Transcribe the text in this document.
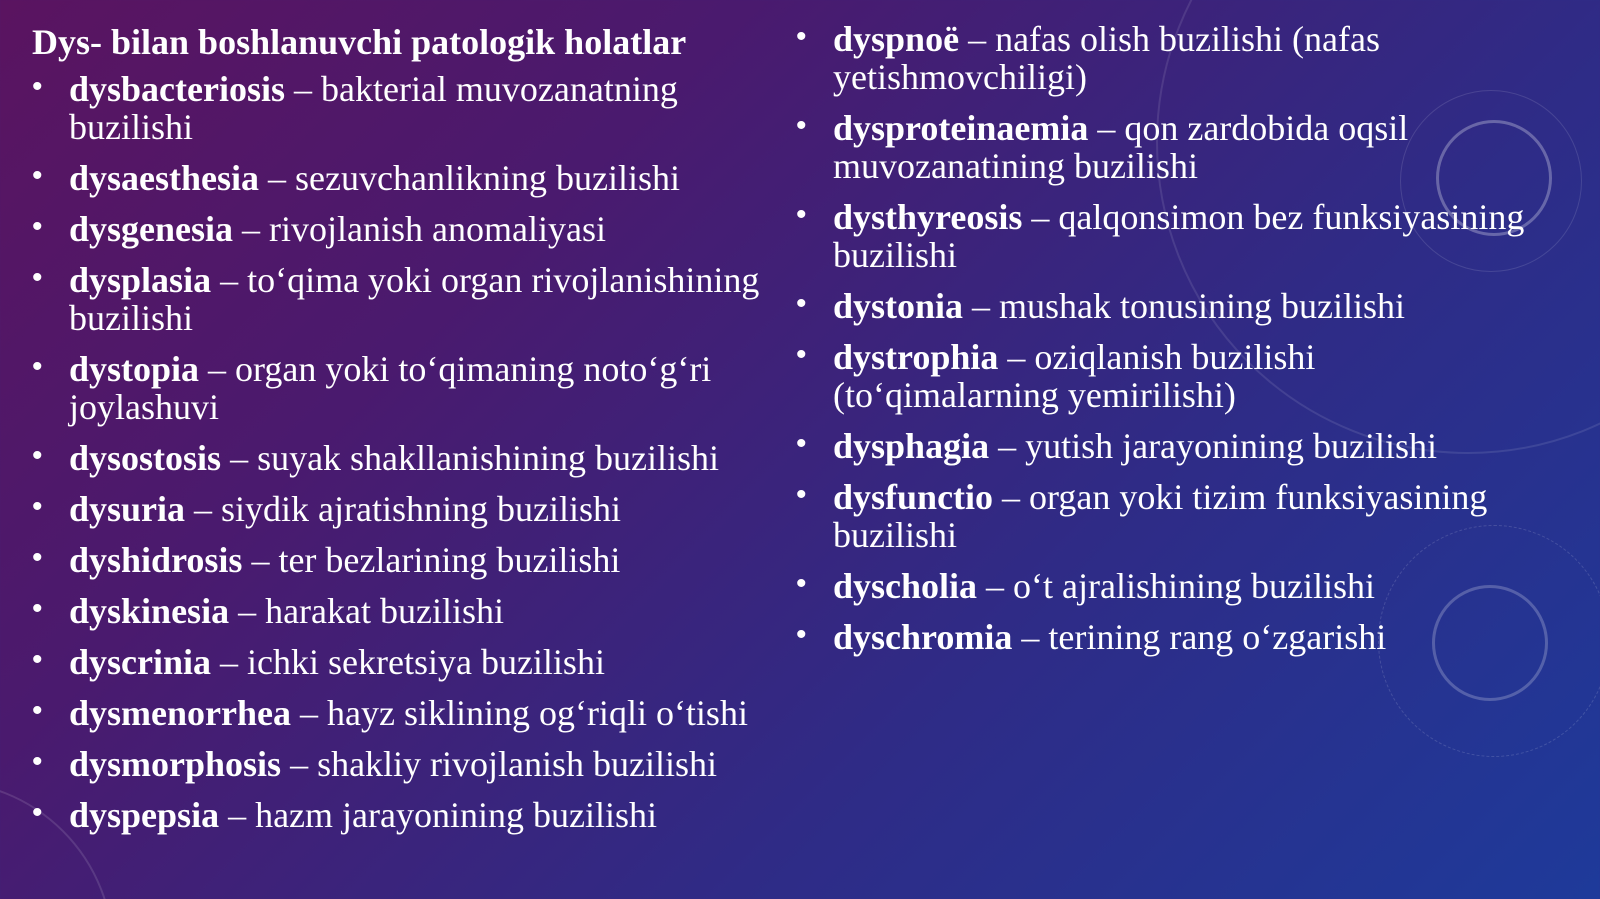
Dys- bilan boshlanuvchi patologik holatlar
• dysbacteriosis – bakterial muvozanatning buzilishi
• dysaesthesia – sezuvchanlikning buzilishi
• dysgenesia – rivojlanish anomaliyasi
• dysplasia – to‘qima yoki organ rivojlanishining buzilishi
• dystopia – organ yoki to‘qimaning noto‘g‘ri joylashuvi
• dysostosis – suyak shakllanishining buzilishi
• dysuria – siydik ajratishning buzilishi
• dyshidrosis – ter bezlarining buzilishi
• dyskinesia – harakat buzilishi
• dyscrinia – ichki sekretsiya buzilishi
• dysmenorrhea – hayz siklining og‘riqli o‘tishi
• dysmorphosis – shakliy rivojlanish buzilishi
• dyspepsia – hazm jarayonining buzilishi
• dyspnoë – nafas olish buzilishi (nafas yetishmovchiligi)
• dysproteinaemia – qon zardobida oqsil muvozanatining buzilishi
• dysthyreosis – qalqonsimon bez funksiyasining buzilishi
• dystonia – mushak tonusining buzilishi
• dystrophia – oziqlanish buzilishi (to‘qimalarning yemirilishi)
• dysphagia – yutish jarayonining buzilishi
• dysfunctio – organ yoki tizim funksiyasining buzilishi
• dyscholia – o‘t ajralishining buzilishi
• dyschromia – terining rang o‘zgarishi
